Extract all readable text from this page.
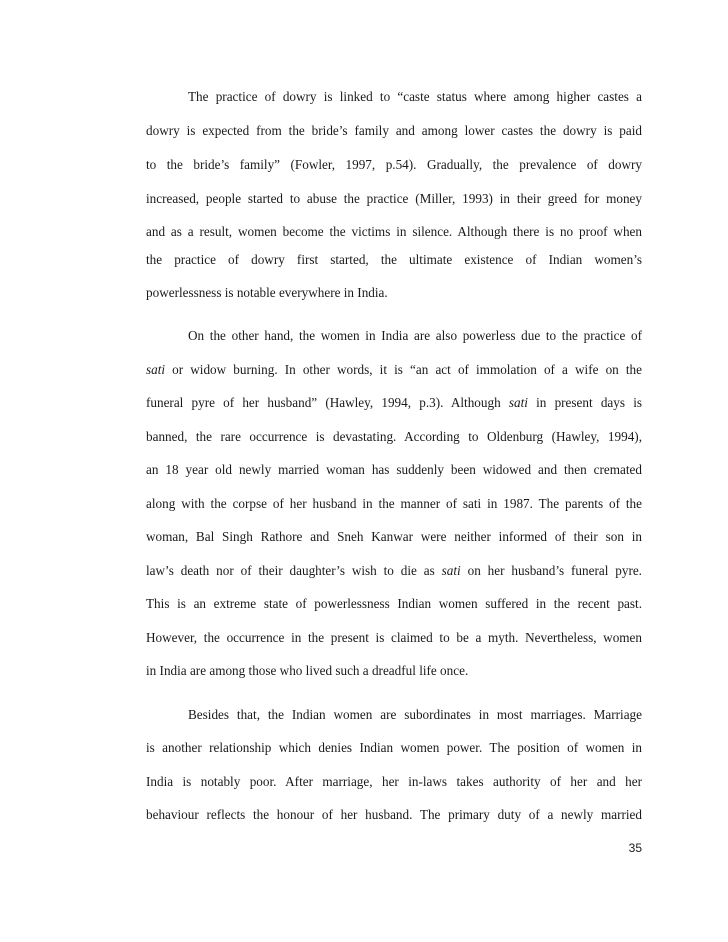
The practice of dowry is linked to “caste status where among higher castes a
dowry is expected from the bride’s family and among lower castes the dowry is paid
to the bride’s family” (Fowler, 1997, p.54). Gradually, the prevalence of dowry
increased, people started to abuse the practice (Miller, 1993) in their greed for money
and as a result, women become the victims in silence. Although there is no proof when
the practice of dowry first started, the ultimate existence of Indian women’s
powerlessness is notable everywhere in India.
On the other hand, the women in India are also powerless due to the practice of
sati or widow burning. In other words, it is “an act of immolation of a wife on the
funeral pyre of her husband” (Hawley, 1994, p.3). Although sati in present days is
banned, the rare occurrence is devastating. According to Oldenburg (Hawley, 1994),
an 18 year old newly married woman has suddenly been widowed and then cremated
along with the corpse of her husband in the manner of sati in 1987. The parents of the
woman, Bal Singh Rathore and Sneh Kanwar were neither informed of their son in
law’s death nor of their daughter’s wish to die as sati on her husband’s funeral pyre.
This is an extreme state of powerlessness Indian women suffered in the recent past.
However, the occurrence in the present is claimed to be a myth. Nevertheless, women
in India are among those who lived such a dreadful life once.
Besides that, the Indian women are subordinates in most marriages. Marriage
is another relationship which denies Indian women power. The position of women in
India is notably poor. After marriage, her in-laws takes authority of her and her
behaviour reflects the honour of her husband. The primary duty of a newly married
35
